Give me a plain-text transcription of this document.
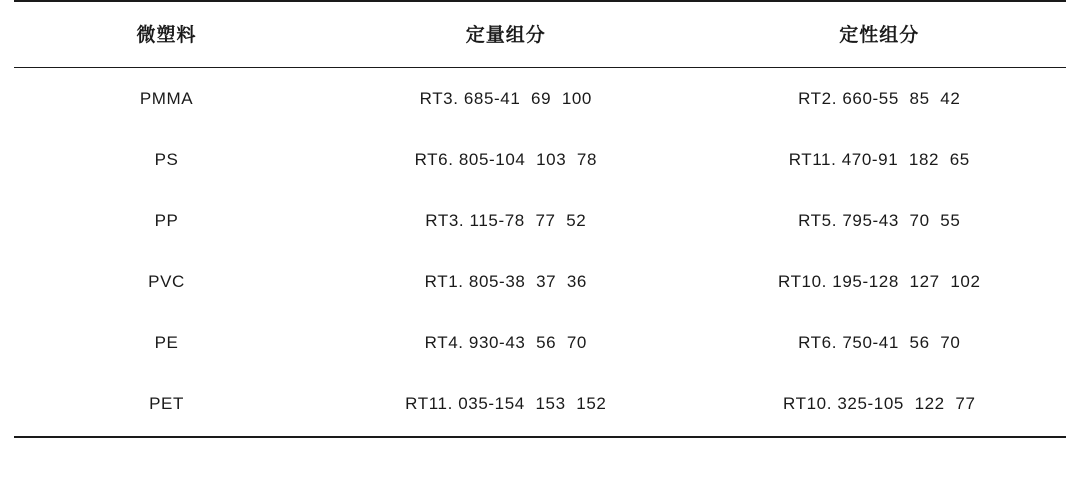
微塑料	定量组分	定性组分
PMMA	RT3. 685-41  69  100	RT2. 660-55  85  42
PS	RT6. 805-104  103  78	RT11. 470-91  182  65
PP	RT3. 115-78  77  52	RT5. 795-43  70  55
PVC	RT1. 805-38  37  36	RT10. 195-128  127  102
PE	RT4. 930-43  56  70	RT6. 750-41  56  70
PET	RT11. 035-154  153  152	RT10. 325-105  122  77
